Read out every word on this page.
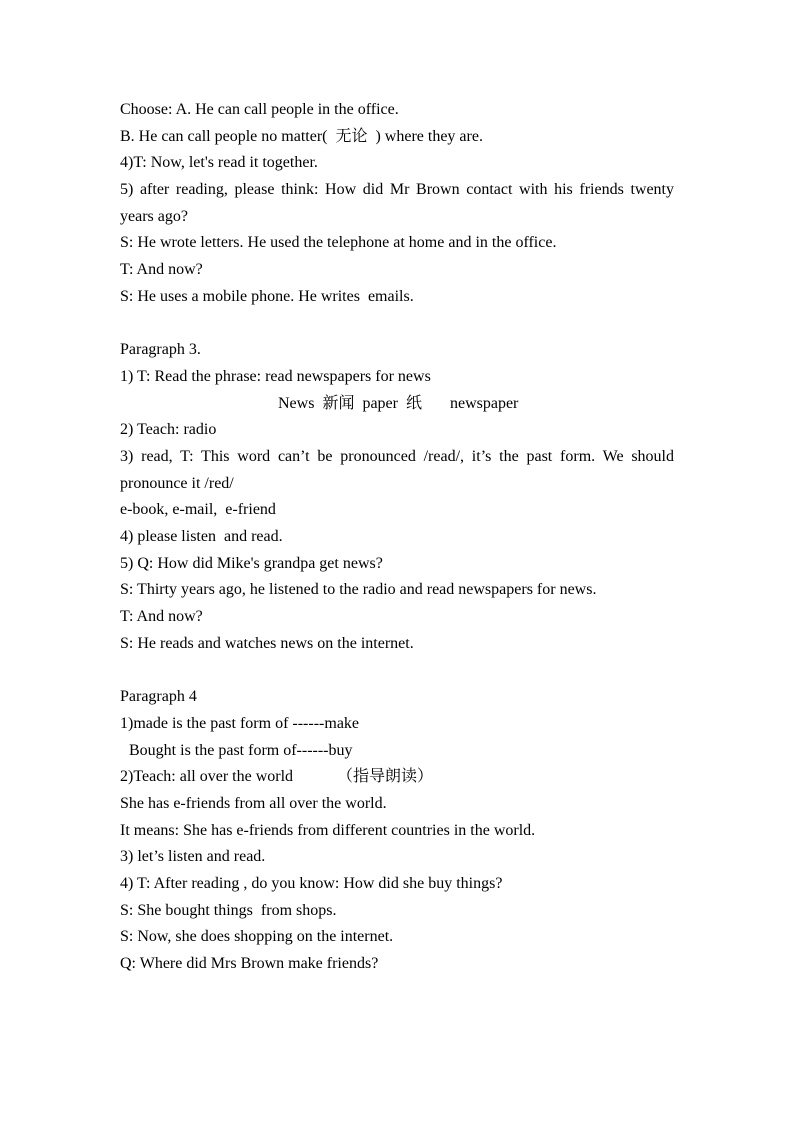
Choose: A. He can call people in the office.
B. He can call people no matter(  无论  ) where they are.
4)T: Now, let's read it together.
5) after reading, please think: How did Mr Brown contact with his friends twenty years ago?
S: He wrote letters. He used the telephone at home and in the office.
T: And now?
S: He uses a mobile phone. He writes  emails.
Paragraph 3.
1) T: Read the phrase: read newspapers for news
News  新闻  paper  纸       newspaper
2) Teach: radio
3) read, T: This word can’t be pronounced /read/, it’s the past form. We should pronounce it /red/
e-book, e-mail,  e-friend
4) please listen  and read.
5) Q: How did Mike's grandpa get news?
S: Thirty years ago, he listened to the radio and read newspapers for news.
T: And now?
S: He reads and watches news on the internet.
Paragraph 4
1)made is the past form of ------make
Bought is the past form of------buy
2)Teach: all over the world           （指导朗读）
She has e-friends from all over the world.
It means: She has e-friends from different countries in the world.
3) let’s listen and read.
4) T: After reading , do you know: How did she buy things?
S: She bought things  from shops.
S: Now, she does shopping on the internet.
Q: Where did Mrs Brown make friends?
